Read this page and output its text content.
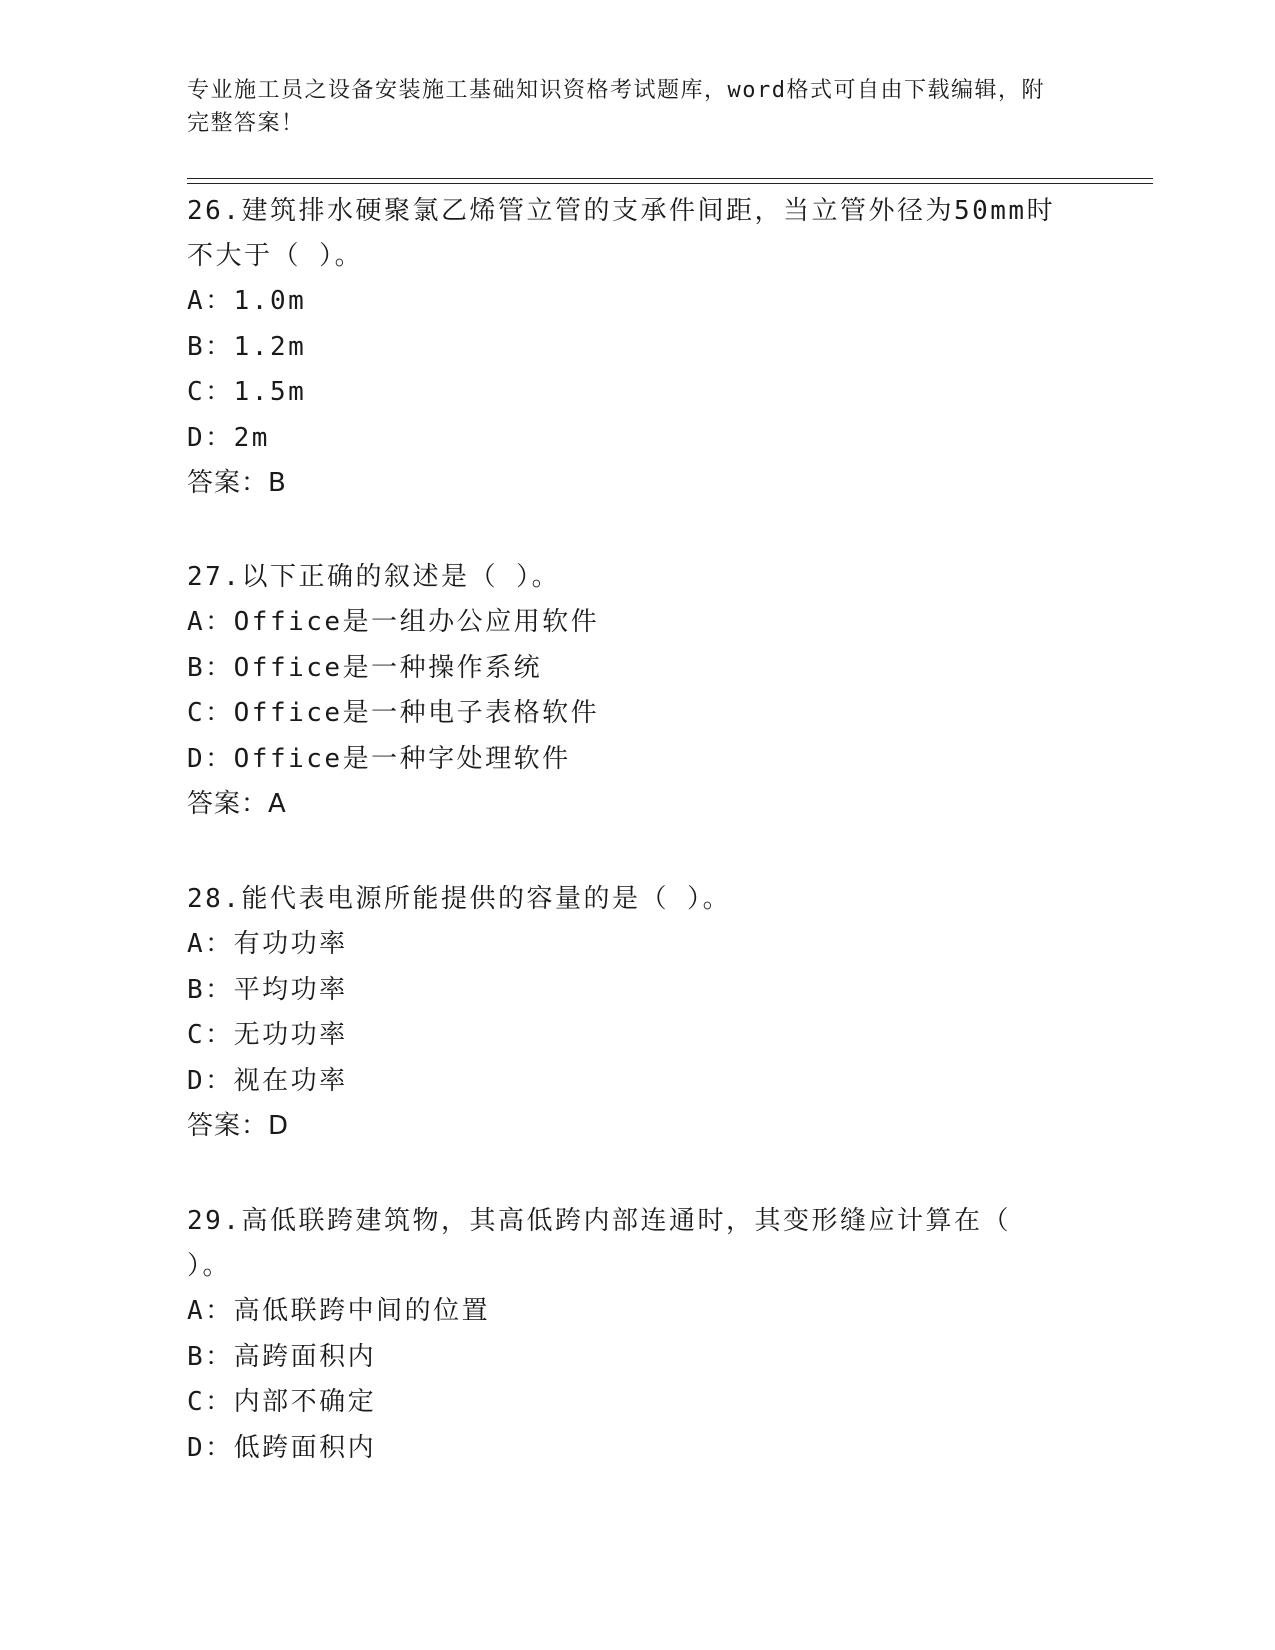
专业施工员之设备安装施工基础知识资格考试题库，word格式可自由下载编辑，附完整答案！

26.建筑排水硬聚氯乙烯管立管的支承件间距，当立管外径为50mm时不大于（ ）。

A：1.0m

B：1.2m

C：1.5m

D：2m

答案：B

27.以下正确的叙述是（ ）。

A：Office是一组办公应用软件

B：Office是一种操作系统

C：Office是一种电子表格软件

D：Office是一种字处理软件

答案：A

28.能代表电源所能提供的容量的是（ ）。

A：有功功率

B：平均功率

C：无功功率

D：视在功率

答案：D

29.高低联跨建筑物，其高低跨内部连通时，其变形缝应计算在（ ）。

A：高低联跨中间的位置

B：高跨面积内

C：内部不确定

D：低跨面积内
